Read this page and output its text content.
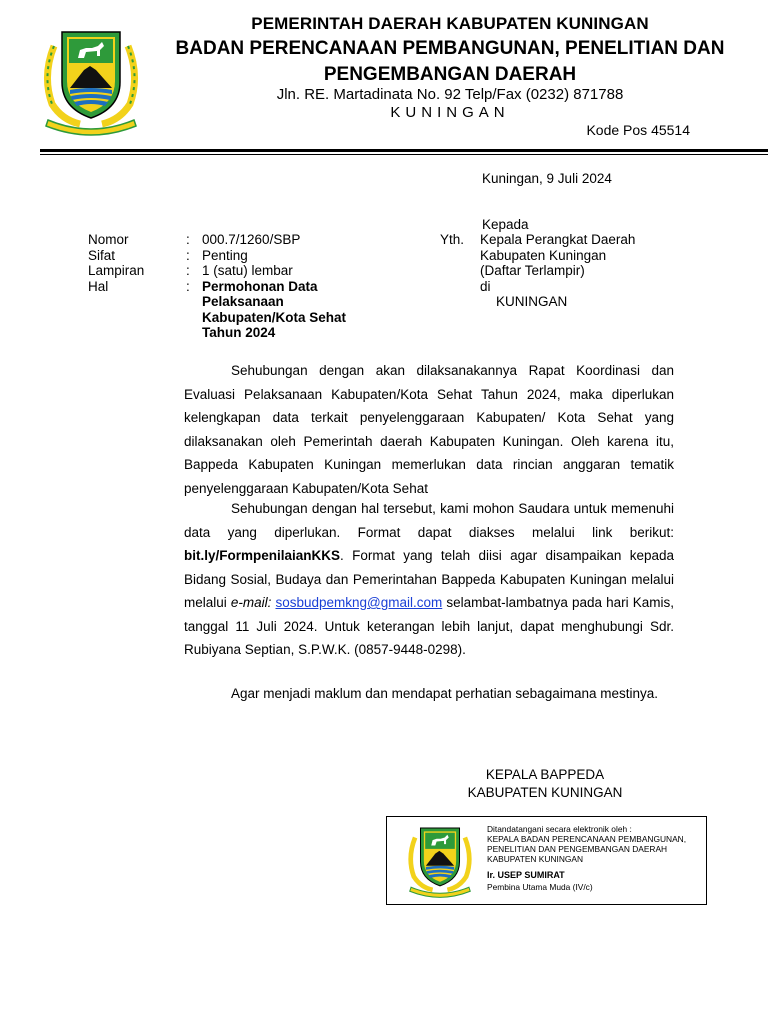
PEMERINTAH DAERAH KABUPATEN KUNINGAN
BADAN PERENCANAAN PEMBANGUNAN, PENELITIAN DAN
PENGEMBANGAN DAERAH
Jln. RE. Martadinata No. 92 Telp/Fax (0232) 871788
KUNINGAN
Kode Pos 45514
Kuningan, 9 Juli 2024
Nomor	: 000.7/1260/SBP
Sifat	: Penting
Lampiran	: 1 (satu) lembar
Hal	: Permohonan Data
Pelaksanaan
Kabupaten/Kota Sehat
Tahun 2024
Kepada
Yth. Kepala Perangkat Daerah
Kabupaten Kuningan
(Daftar Terlampir)
di
KUNINGAN
Sehubungan dengan akan dilaksanakannya Rapat Koordinasi dan Evaluasi Pelaksanaan Kabupaten/Kota Sehat Tahun 2024, maka diperlukan kelengkapan data terkait penyelenggaraan Kabupaten/ Kota Sehat yang dilaksanakan oleh Pemerintah daerah Kabupaten Kuningan. Oleh karena itu, Bappeda Kabupaten Kuningan memerlukan data rincian anggaran tematik penyelenggaraan Kabupaten/Kota Sehat
Sehubungan dengan hal tersebut, kami mohon Saudara untuk memenuhi data yang diperlukan. Format dapat diakses melalui link berikut: bit.ly/FormpenilaianKKS. Format yang telah diisi agar disampaikan kepada Bidang Sosial, Budaya dan Pemerintahan Bappeda Kabupaten Kuningan melalui melalui e-mail: sosbudpemkng@gmail.com selambat-lambatnya pada hari Kamis, tanggal 11 Juli 2024. Untuk keterangan lebih lanjut, dapat menghubungi Sdr. Rubiyana Septian, S.P.W.K. (0857-9448-0298).
Agar menjadi maklum dan mendapat perhatian sebagaimana mestinya.
KEPALA BAPPEDA
KABUPATEN KUNINGAN
Ditandatangani secara elektronik oleh :
KEPALA BADAN PERENCANAAN PEMBANGUNAN,
PENELITIAN DAN PENGEMBANGAN DAERAH
KABUPATEN KUNINGAN
Ir. USEP SUMIRAT
Pembina Utama Muda (IV/c)
